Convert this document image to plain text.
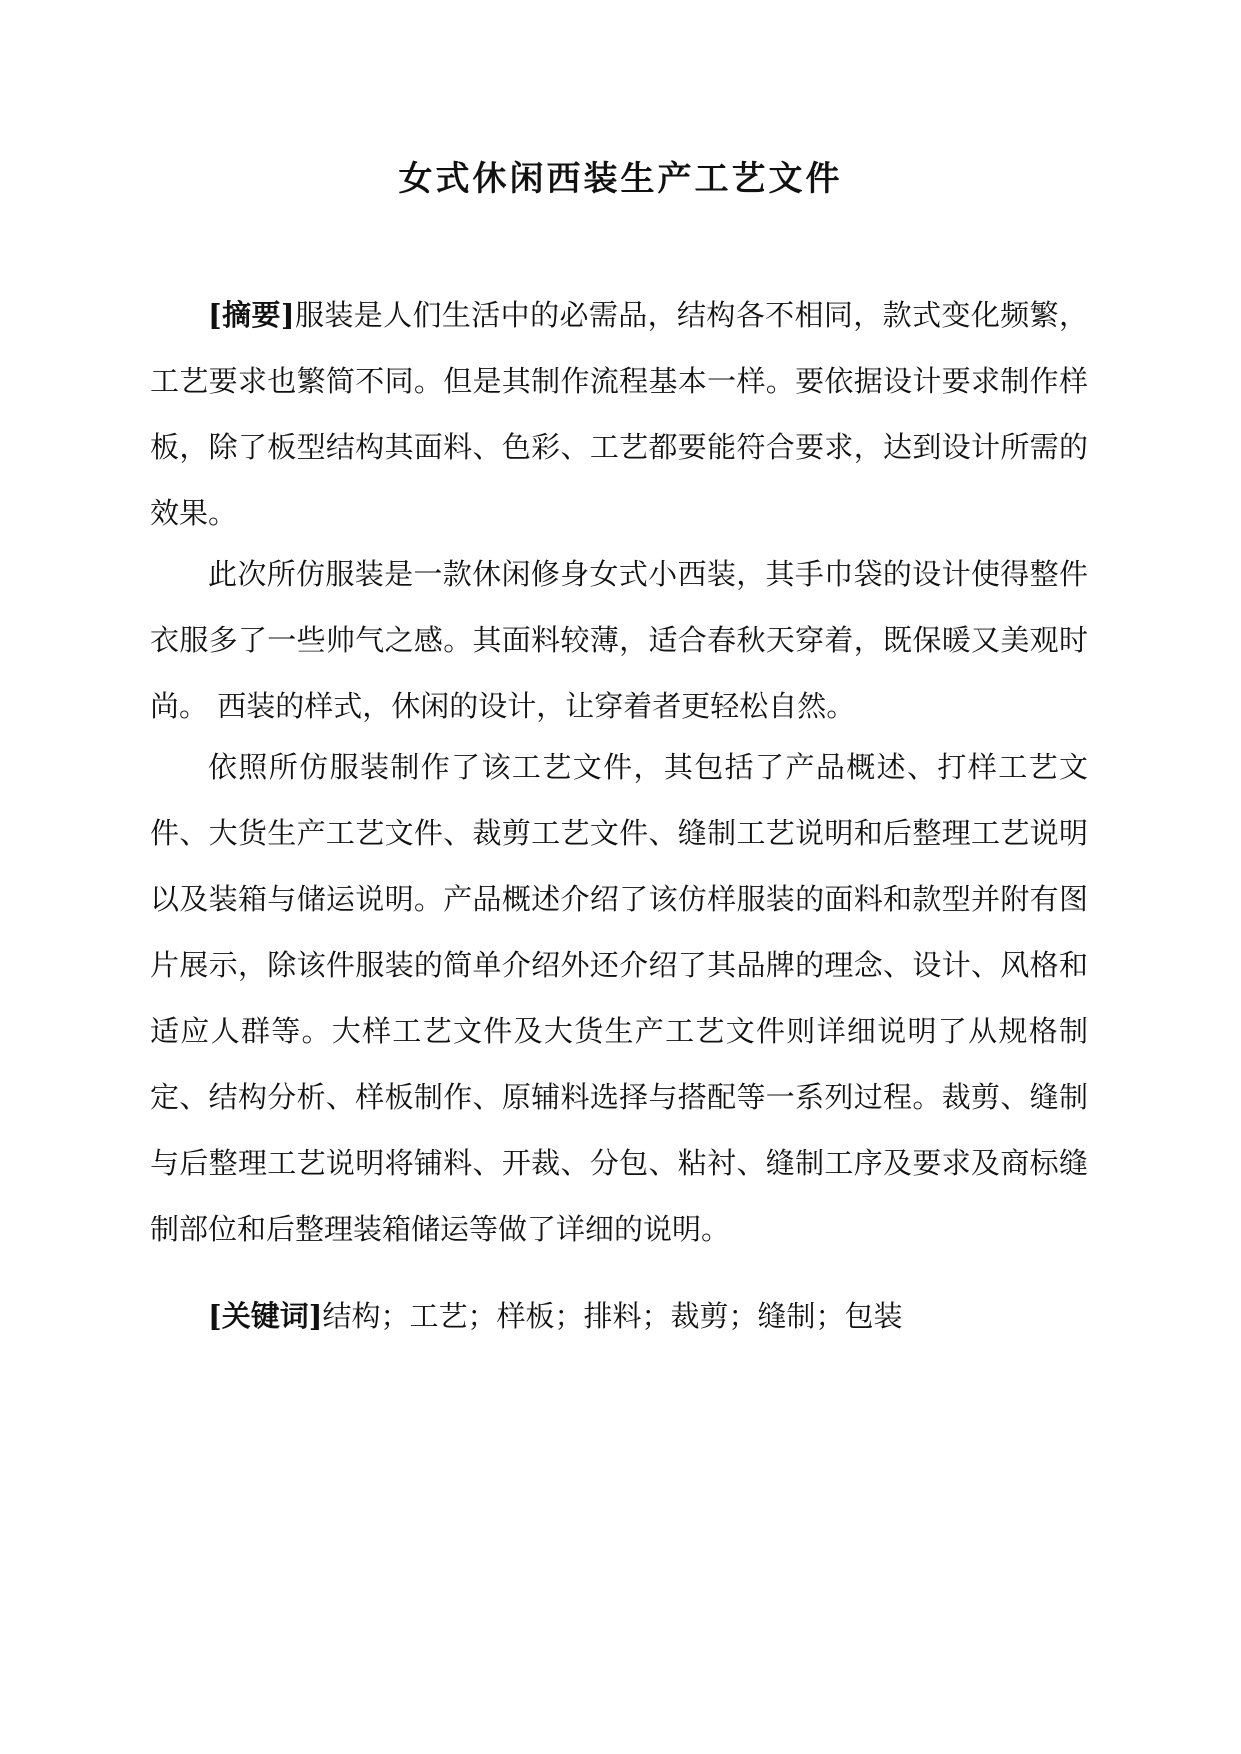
女式休闲西装生产工艺文件

[摘要]服装是人们生活中的必需品，结构各不相同，款式变化频繁，工艺要求也繁简不同。但是其制作流程基本一样。要依据设计要求制作样板，除了板型结构其面料、色彩、工艺都要能符合要求，达到设计所需的效果。

此次所仿服装是一款休闲修身女式小西装，其手巾袋的设计使得整件衣服多了一些帅气之感。其面料较薄，适合春秋天穿着，既保暖又美观时尚。 西装的样式，休闲的设计，让穿着者更轻松自然。

依照所仿服装制作了该工艺文件，其包括了产品概述、打样工艺文件、大货生产工艺文件、裁剪工艺文件、缝制工艺说明和后整理工艺说明以及装箱与储运说明。产品概述介绍了该仿样服装的面料和款型并附有图片展示，除该件服装的简单介绍外还介绍了其品牌的理念、设计、风格和适应人群等。大样工艺文件及大货生产工艺文件则详细说明了从规格制定、结构分析、样板制作、原辅料选择与搭配等一系列过程。裁剪、缝制与后整理工艺说明将铺料、开裁、分包、粘衬、缝制工序及要求及商标缝制部位和后整理装箱储运等做了详细的说明。

[关键词]结构；工艺；样板；排料；裁剪；缝制；包装
